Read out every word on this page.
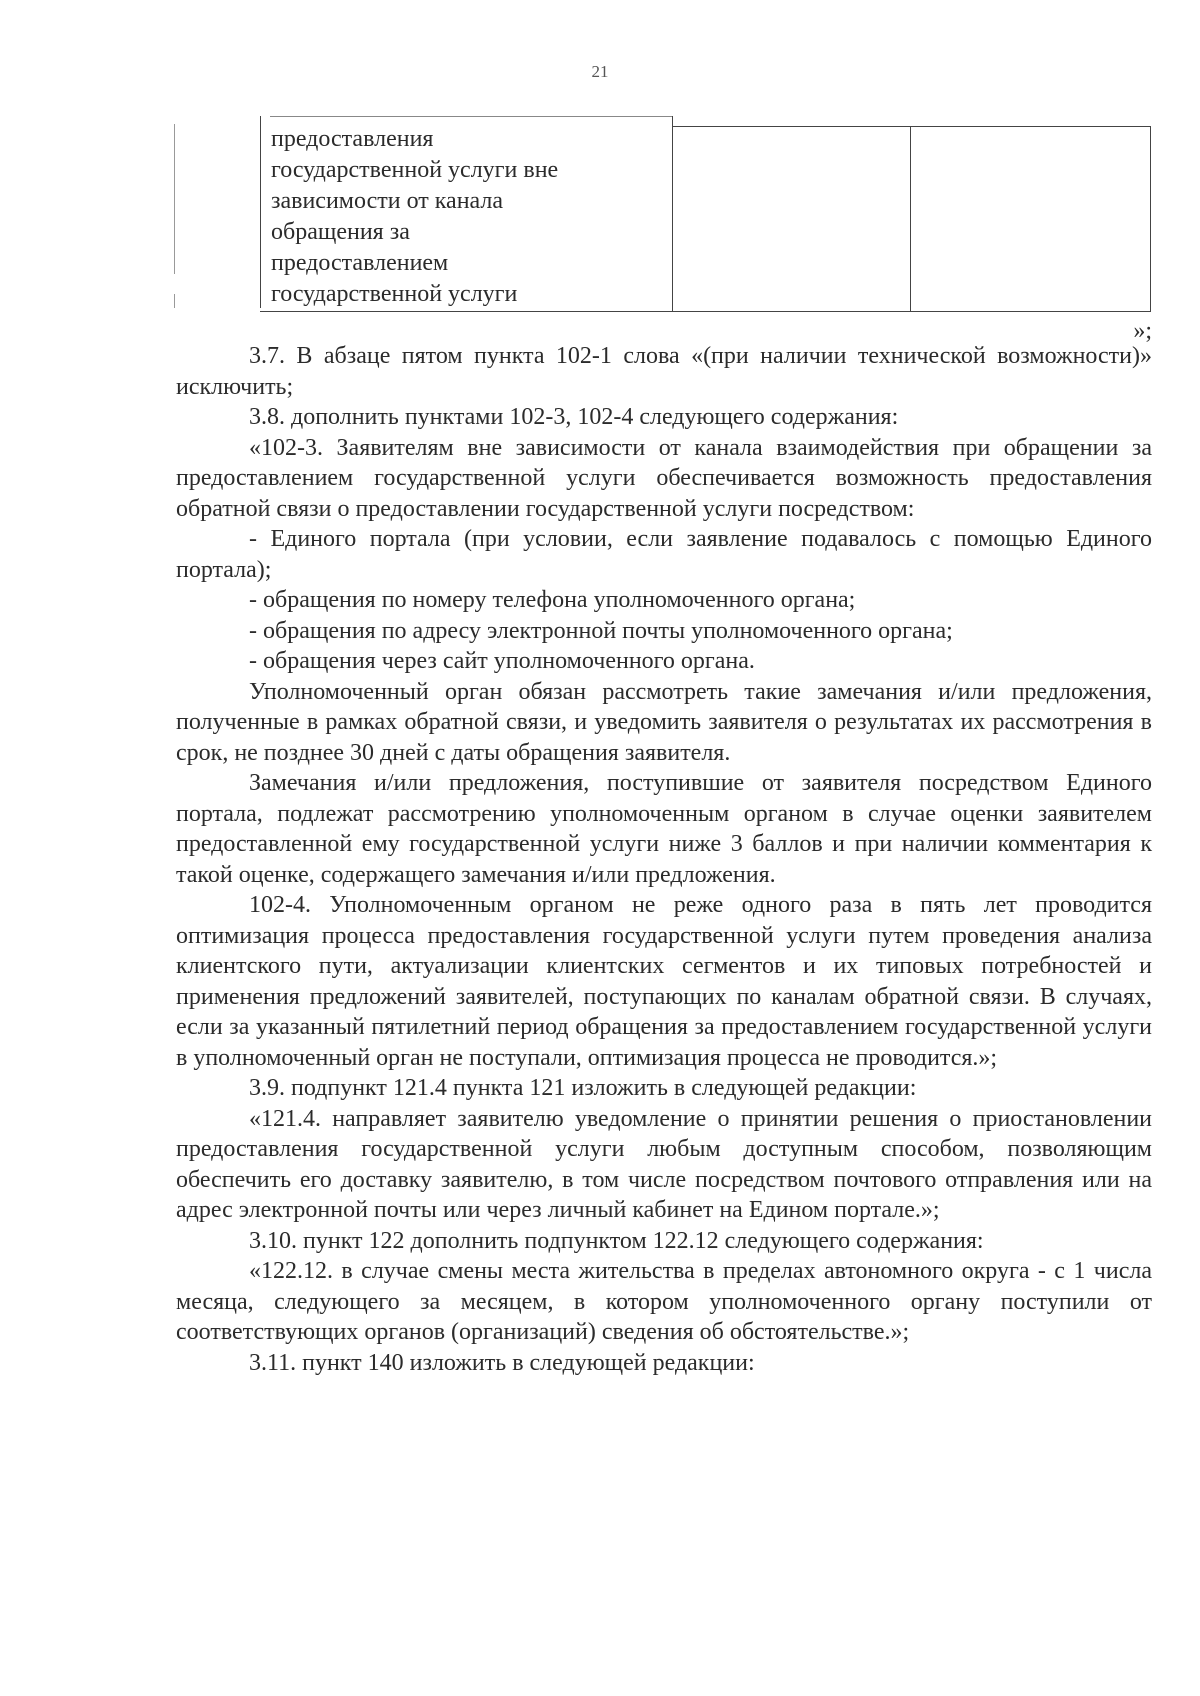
21
предоставления
государственной услуги вне
зависимости от канала
обращения за
предоставлением
государственной услуги
»;

3.7. В абзаце пятом пункта 102-1 слова «(при наличии технической возможности)» исключить;

3.8. дополнить пунктами 102-3, 102-4 следующего содержания:

«102-3. Заявителям вне зависимости от канала взаимодействия при обращении за предоставлением государственной услуги обеспечивается возможность предоставления обратной связи о предоставлении государственной услуги посредством:

- Единого портала (при условии, если заявление подавалось с помощью Единого портала);

- обращения по номеру телефона уполномоченного органа;

- обращения по адресу электронной почты уполномоченного органа;

- обращения через сайт уполномоченного органа.

Уполномоченный орган обязан рассмотреть такие замечания и/или предложения, полученные в рамках обратной связи, и уведомить заявителя о результатах их рассмотрения в срок, не позднее 30 дней с даты обращения заявителя.

Замечания и/или предложения, поступившие от заявителя посредством Единого портала, подлежат рассмотрению уполномоченным органом в случае оценки заявителем предоставленной ему государственной услуги ниже 3 баллов и при наличии комментария к такой оценке, содержащего замечания и/или предложения.

102-4. Уполномоченным органом не реже одного раза в пять лет проводится оптимизация процесса предоставления государственной услуги путем проведения анализа клиентского пути, актуализации клиентских сегментов и их типовых потребностей и применения предложений заявителей, поступающих по каналам обратной связи. В случаях, если за указанный пятилетний период обращения за предоставлением государственной услуги в уполномоченный орган не поступали, оптимизация процесса не проводится.»;

3.9. подпункт 121.4 пункта 121 изложить в следующей редакции:

«121.4. направляет заявителю уведомление о принятии решения о приостановлении предоставления государственной услуги любым доступным способом, позволяющим обеспечить его доставку заявителю, в том числе посредством почтового отправления или на адрес электронной почты или через личный кабинет на Едином портале.»;

3.10. пункт 122 дополнить подпунктом 122.12 следующего содержания:

«122.12. в случае смены места жительства в пределах автономного округа - с 1 числа месяца, следующего за месяцем, в котором уполномоченного органу поступили от соответствующих органов (организаций) сведения об обстоятельстве.»;

3.11. пункт 140 изложить в следующей редакции:
